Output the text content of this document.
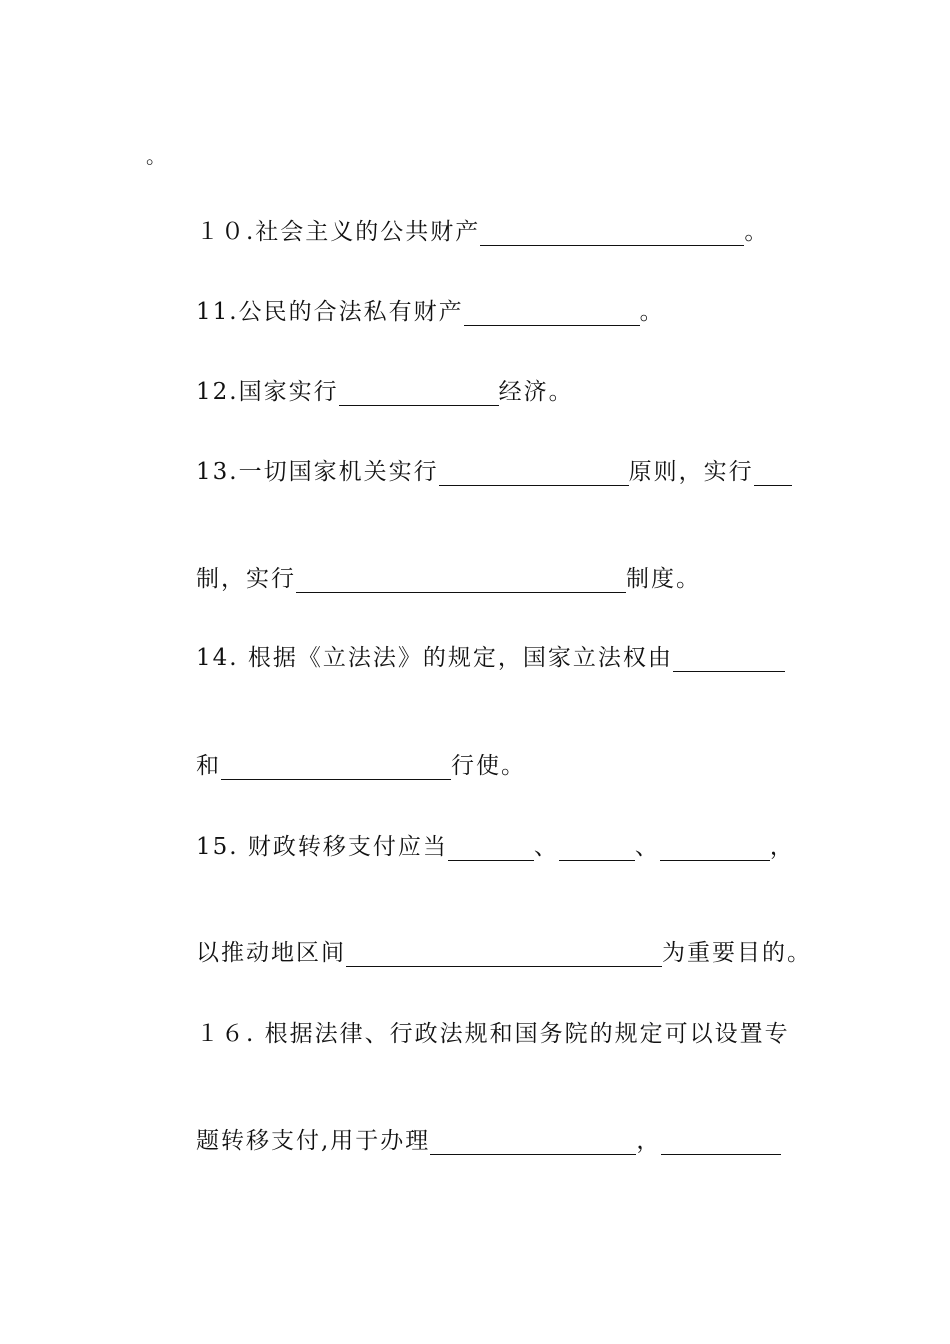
。
１０.社会主义的公共财产	。
11.公民的合法私有财产	。
12.国家实行	经济。
13.一切国家机关实行	原则，实行
制，实行	制度。
14. 根据《立法法》的规定，国家立法权由
和	行使。
15. 财政转移支付应当	、	、	，
以推动地区间	为重要目的。
１６. 根据法律、行政法规和国务院的规定可以设置专
题转移支付,用于办理	，
